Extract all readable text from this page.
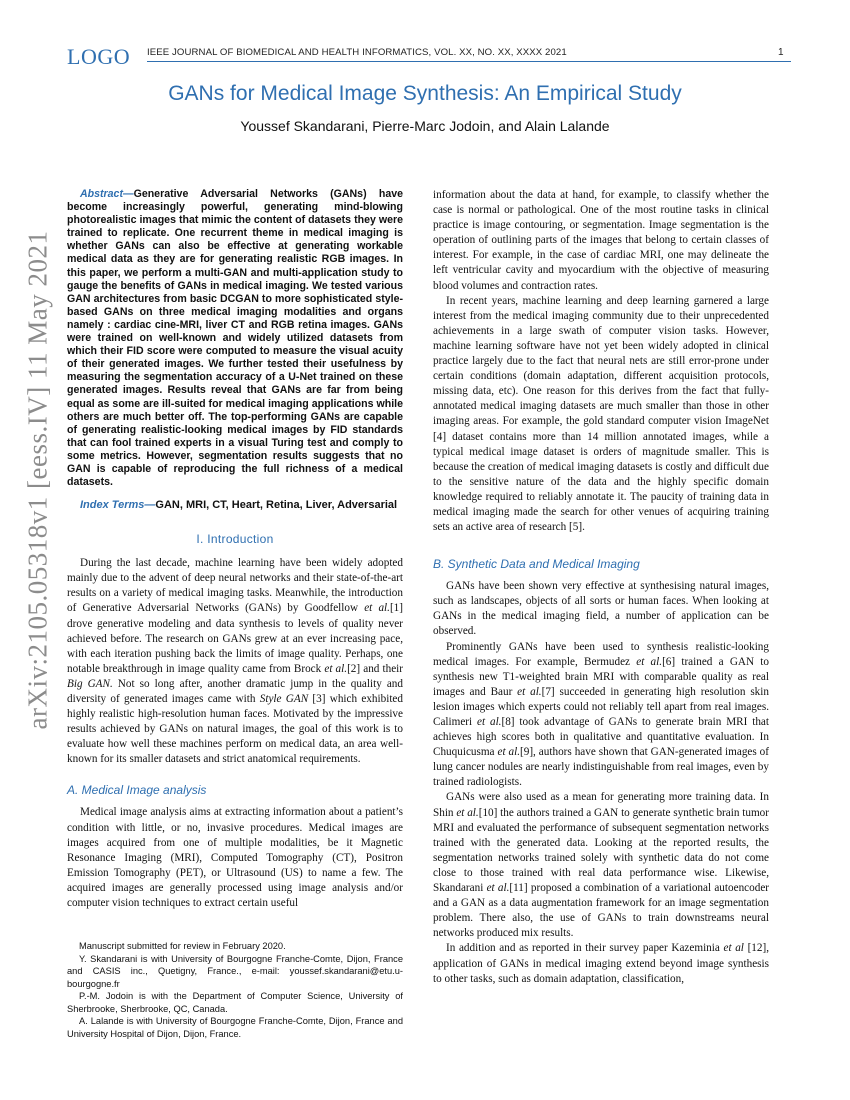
arXiv:2105.05318v1 [eess.IV] 11 May 2021
LOGO IEEE JOURNAL OF BIOMEDICAL AND HEALTH INFORMATICS, VOL. XX, NO. XX, XXXX 2021	1
GANs for Medical Image Synthesis: An Empirical Study
Youssef Skandarani, Pierre-Marc Jodoin, and Alain Lalande

Abstract—Generative Adversarial Networks (GANs) have become increasingly powerful, generating mind-blowing photorealistic images that mimic the content of datasets they were trained to replicate. One recurrent theme in medical imaging is whether GANs can also be effective at generating workable medical data as they are for generating realistic RGB images. In this paper, we perform a multi-GAN and multi-application study to gauge the benefits of GANs in medical imaging. We tested various GAN architectures from basic DCGAN to more sophisticated style-based GANs on three medical imaging modalities and organs namely : cardiac cine-MRI, liver CT and RGB retina images. GANs were trained on well-known and widely utilized datasets from which their FID score were computed to measure the visual acuity of their generated images. We further tested their usefulness by measuring the segmentation accuracy of a U-Net trained on these generated images. Results reveal that GANs are far from being equal as some are ill-suited for medical imaging applications while others are much better off. The top-performing GANs are capable of generating realistic-looking medical images by FID standards that can fool trained experts in a visual Turing test and comply to some metrics. However, segmentation results suggests that no GAN is capable of reproducing the full richness of a medical datasets.

Index Terms—GAN, MRI, CT, Heart, Retina, Liver, Adversarial

I. Introduction

During the last decade, machine learning have been widely adopted mainly due to the advent of deep neural networks and their state-of-the-art results on a variety of medical imaging tasks. Meanwhile, the introduction of Generative Adversarial Networks (GANs) by Goodfellow et al.[1] drove generative modeling and data synthesis to levels of quality never achieved before. The research on GANs grew at an ever increasing pace, with each iteration pushing back the limits of image quality. Perhaps, one notable breakthrough in image quality came from Brock et al.[2] and their Big GAN. Not so long after, another dramatic jump in the quality and diversity of generated images came with Style GAN [3] which exhibited highly realistic high-resolution human faces. Motivated by the impressive results achieved by GANs on natural images, the goal of this work is to evaluate how well these machines perform on medical data, an area well-known for its smaller datasets and strict anatomical requirements.

A. Medical Image analysis

Medical image analysis aims at extracting information about a patient’s condition with little, or no, invasive procedures. Medical images are images acquired from one of multiple modalities, be it Magnetic Resonance Imaging (MRI), Computed Tomography (CT), Positron Emission Tomography (PET), or Ultrasound (US) to name a few. The acquired images are generally processed using image analysis and/or computer vision techniques to extract certain useful

Manuscript submitted for review in February 2020.

Y. Skandarani is with University of Bourgogne Franche-Comte, Dijon, France and CASIS inc., Quetigny, France., e-mail: youssef.skandarani@etu.u-bourgogne.fr

P.-M. Jodoin is with the Department of Computer Science, University of Sherbrooke, Sherbrooke, QC, Canada.

A. Lalande is with University of Bourgogne Franche-Comte, Dijon, France and University Hospital of Dijon, Dijon, France.

information about the data at hand, for example, to classify whether the case is normal or pathological. One of the most routine tasks in clinical practice is image contouring, or segmentation. Image segmentation is the operation of outlining parts of the images that belong to certain classes of interest. For example, in the case of cardiac MRI, one may delineate the left ventricular cavity and myocardium with the objective of measuring blood volumes and contraction rates.

In recent years, machine learning and deep learning garnered a large interest from the medical imaging community due to their unprecedented achievements in a large swath of computer vision tasks. However, machine learning software have not yet been widely adopted in clinical practice largely due to the fact that neural nets are still error-prone under certain conditions (domain adaptation, different acquisition protocols, missing data, etc). One reason for this derives from the fact that fully-annotated medical imaging datasets are much smaller than those in other imaging areas. For example, the gold standard computer vision ImageNet [4] dataset contains more than 14 million annotated images, while a typical medical image dataset is orders of magnitude smaller. This is because the creation of medical imaging datasets is costly and difficult due to the sensitive nature of the data and the highly specific domain knowledge required to reliably annotate it. The paucity of training data in medical imaging made the search for other venues of acquiring training sets an active area of research [5].

B. Synthetic Data and Medical Imaging

GANs have been shown very effective at synthesising natural images, such as landscapes, objects of all sorts or human faces. When looking at GANs in the medical imaging field, a number of application can be observed.

Prominently GANs have been used to synthesis realistic-looking medical images. For example, Bermudez et al.[6] trained a GAN to synthesis new T1-weighted brain MRI with comparable quality as real images and Baur et al.[7] succeeded in generating high resolution skin lesion images which experts could not reliably tell apart from real images. Calimeri et al.[8] took advantage of GANs to generate brain MRI that achieves high scores both in qualitative and quantitative evaluation. In Chuquicusma et al.[9], authors have shown that GAN-generated images of lung cancer nodules are nearly indistinguishable from real images, even by trained radiologists.

GANs were also used as a mean for generating more training data. In Shin et al.[10] the authors trained a GAN to generate synthetic brain tumor MRI and evaluated the performance of subsequent segmentation networks trained with the generated data. Looking at the reported results, the segmentation networks trained solely with synthetic data do not come close to those trained with real data performance wise. Likewise, Skandarani et al.[11] proposed a combination of a variational autoencoder and a GAN as a data augmentation framework for an image segmentation problem. There also, the use of GANs to train downstreams neural networks produced mix results.

In addition and as reported in their survey paper Kazeminia et al [12], application of GANs in medical imaging extend beyond image synthesis to other tasks, such as domain adaptation, classification,
